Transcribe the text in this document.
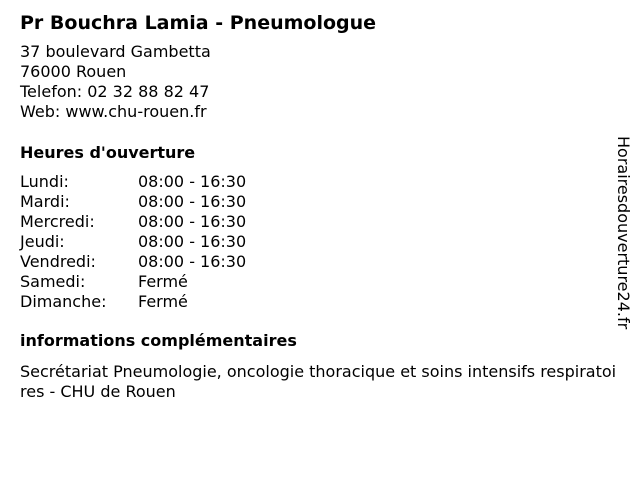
Pr Bouchra Lamia - Pneumologue
37 boulevard Gambetta
76000 Rouen
Telefon: 02 32 88 82 47
Web: www.chu-rouen.fr
Heures d'ouverture
Lundi:	08:00 - 16:30
Mardi:	08:00 - 16:30
Mercredi:	08:00 - 16:30
Jeudi:	08:00 - 16:30
Vendredi:	08:00 - 16:30
Samedi:	Fermé
Dimanche:	Fermé
informations complémentaires
Secrétariat Pneumologie, oncologie thoracique et soins intensifs respiratoires - CHU de Rouen
Horairesdouverture24.fr
